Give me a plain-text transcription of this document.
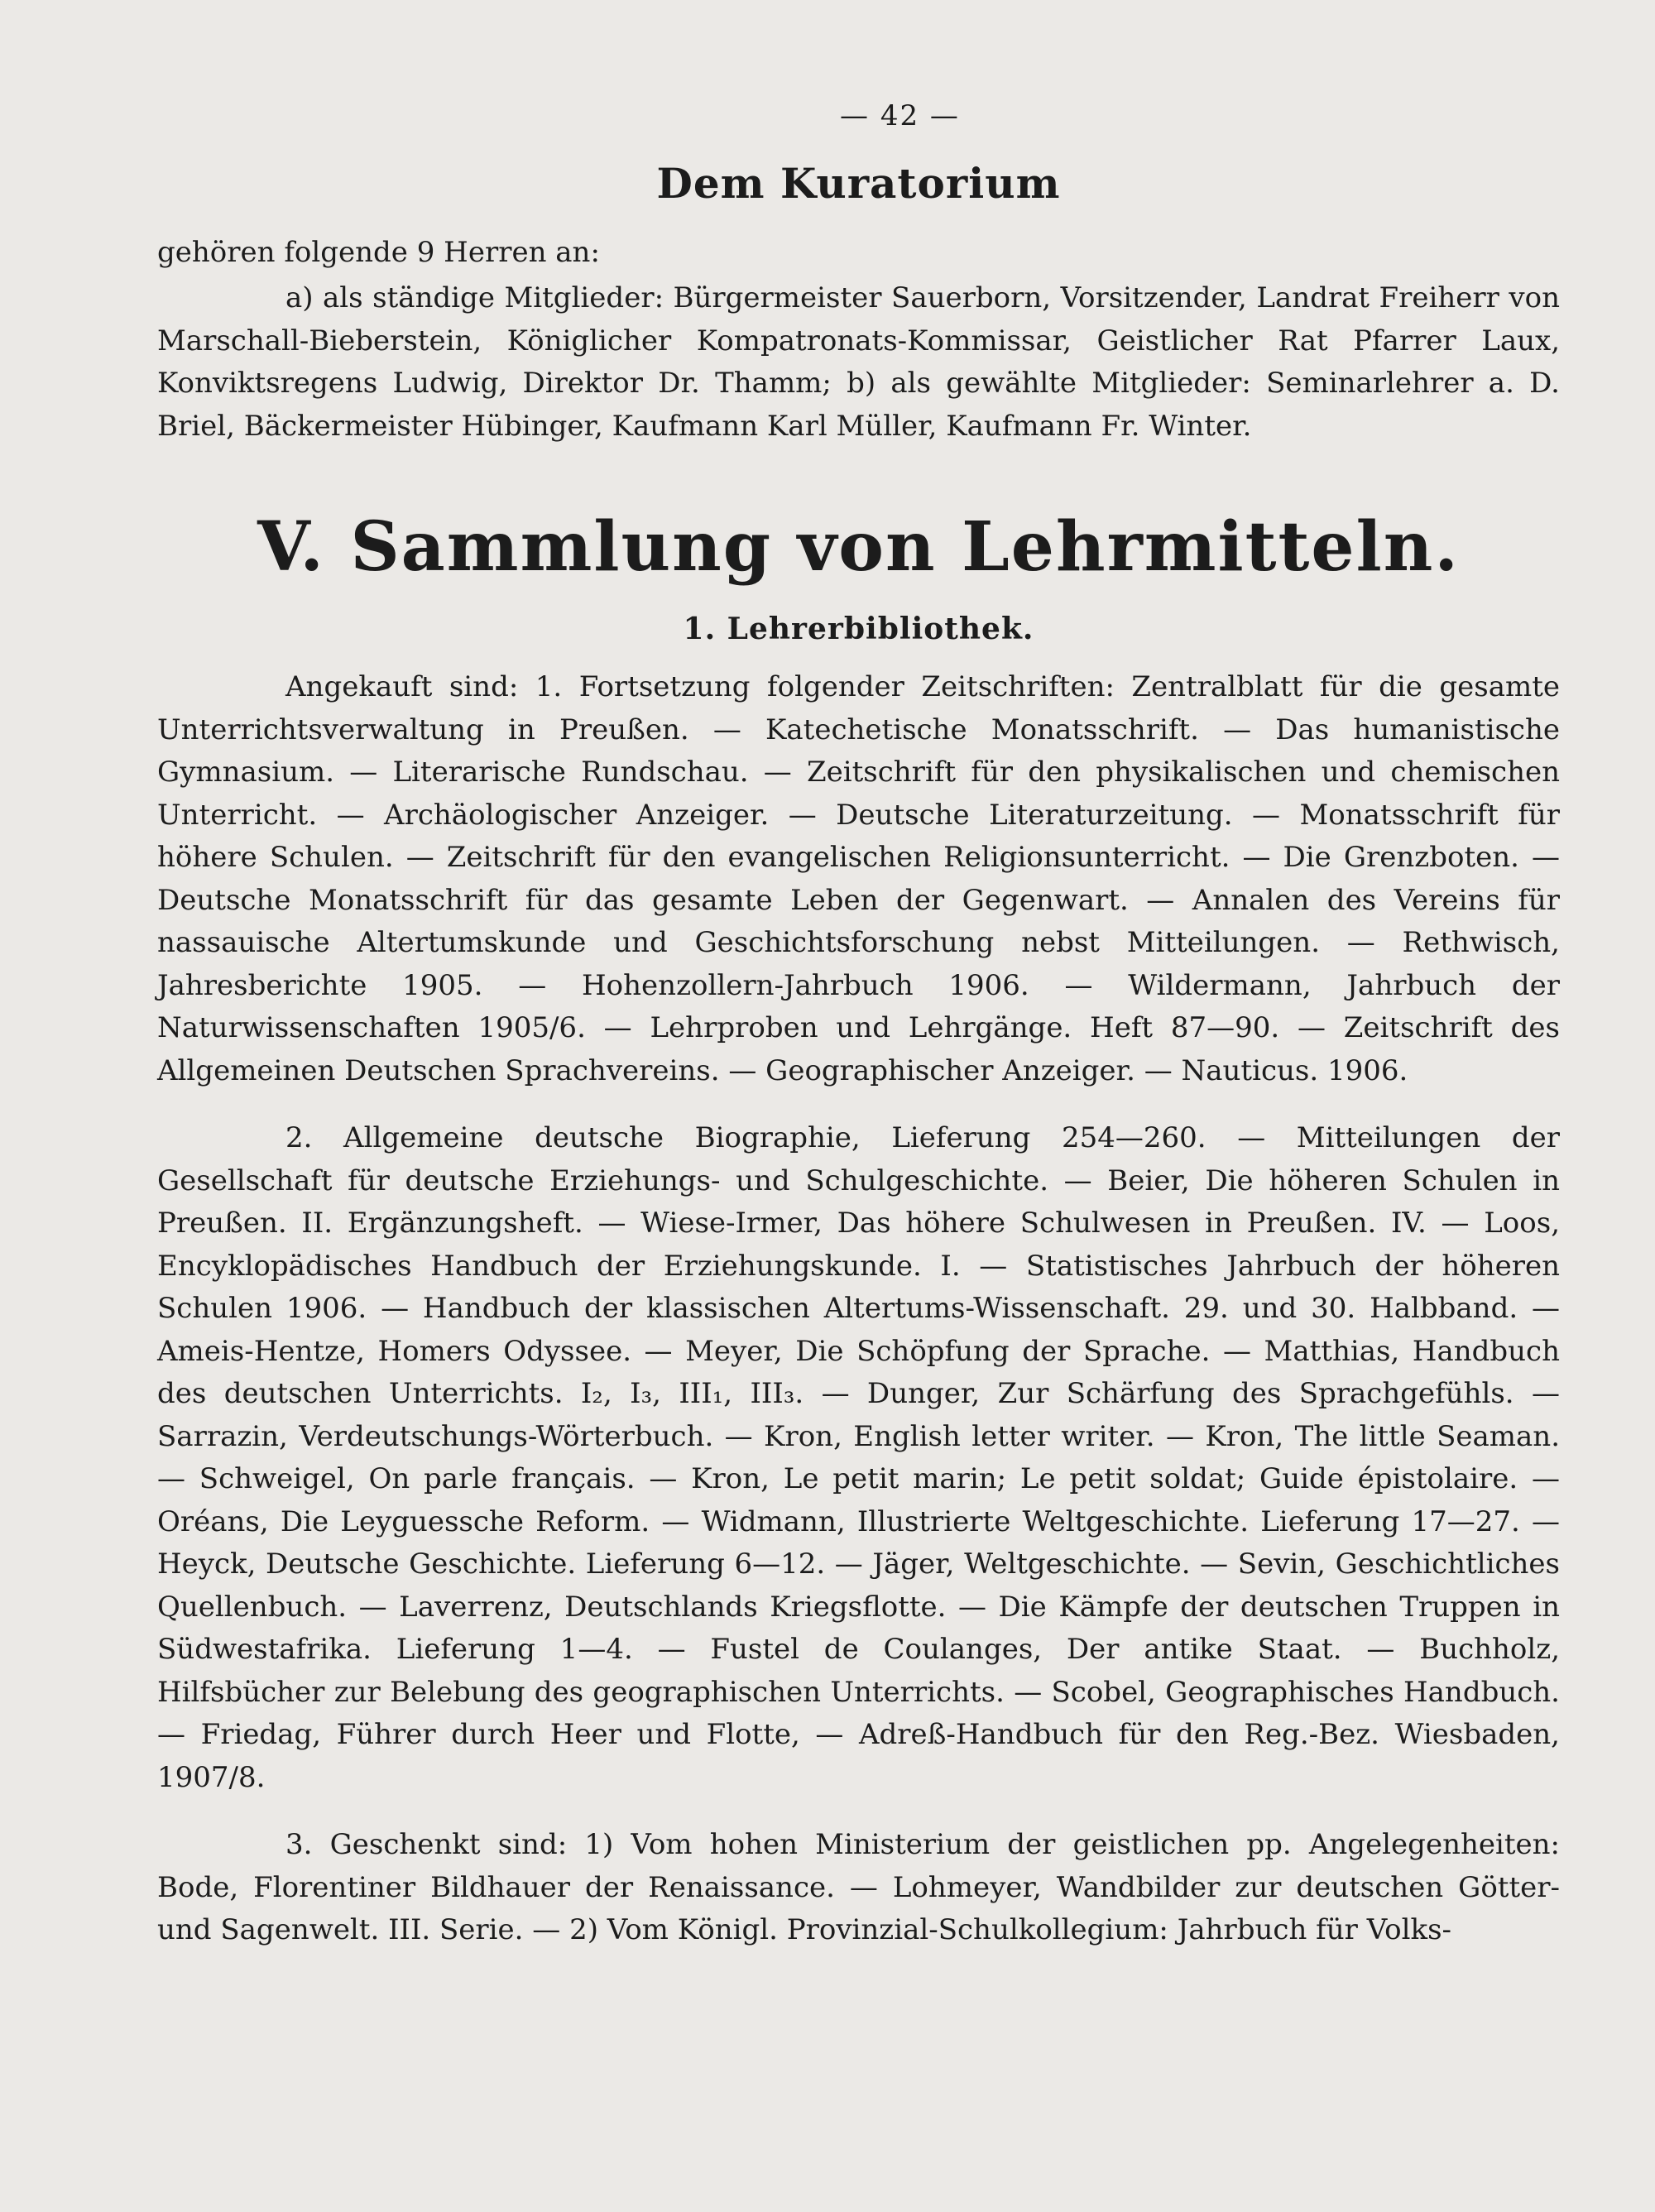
— 42 —
Dem Kuratorium

gehören folgende 9 Herren an:

a) als ständige Mitglieder: Bürgermeister Sauerborn, Vorsitzender, Landrat Freiherr von Marschall-Bieberstein, Königlicher Kompatronats-Kommissar, Geistlicher Rat Pfarrer Laux, Konviktsregens Ludwig, Direktor Dr. Thamm; b) als gewählte Mitglieder: Seminarlehrer a. D. Briel, Bäckermeister Hübinger, Kaufmann Karl Müller, Kaufmann Fr. Winter.

V. Sammlung von Lehrmitteln.
1. Lehrerbibliothek.

Angekauft sind: 1. Fortsetzung folgender Zeitschriften: Zentralblatt für die gesamte Unterrichtsverwaltung in Preußen. — Katechetische Monatsschrift. — Das humanistische Gymnasium. — Literarische Rundschau. — Zeitschrift für den physikalischen und chemischen Unterricht. — Archäologischer Anzeiger. — Deutsche Literaturzeitung. — Monatsschrift für höhere Schulen. — Zeitschrift für den evangelischen Religionsunterricht. — Die Grenzboten. — Deutsche Monatsschrift für das gesamte Leben der Gegenwart. — Annalen des Vereins für nassauische Altertumskunde und Geschichtsforschung nebst Mitteilungen. — Rethwisch, Jahresberichte 1905. — Hohenzollern-Jahrbuch 1906. — Wildermann, Jahrbuch der Naturwissenschaften 1905/6. — Lehrproben und Lehrgänge. Heft 87—90. — Zeitschrift des Allgemeinen Deutschen Sprachvereins. — Geographischer Anzeiger. — Nauticus. 1906.

2. Allgemeine deutsche Biographie, Lieferung 254—260. — Mitteilungen der Gesellschaft für deutsche Erziehungs- und Schulgeschichte. — Beier, Die höheren Schulen in Preußen. II. Ergänzungsheft. — Wiese-Irmer, Das höhere Schulwesen in Preußen. IV. — Loos, Encyklopädisches Handbuch der Erziehungskunde. I. — Statistisches Jahrbuch der höheren Schulen 1906. — Handbuch der klassischen Altertums-Wissenschaft. 29. und 30. Halbband. — Ameis-Hentze, Homers Odyssee. — Meyer, Die Schöpfung der Sprache. — Matthias, Handbuch des deutschen Unterrichts. I₂, I₃, III₁, III₃. — Dunger, Zur Schärfung des Sprachgefühls. — Sarrazin, Verdeutschungs-Wörterbuch. — Kron, English letter writer. — Kron, The little Seaman. — Schweigel, On parle français. — Kron, Le petit marin; Le petit soldat; Guide épistolaire. — Oréans, Die Leyguessche Reform. — Widmann, Illustrierte Weltgeschichte. Lieferung 17—27. — Heyck, Deutsche Geschichte. Lieferung 6—12. — Jäger, Weltgeschichte. — Sevin, Geschichtliches Quellenbuch. — Laverrenz, Deutschlands Kriegsflotte. — Die Kämpfe der deutschen Truppen in Südwestafrika. Lieferung 1—4. — Fustel de Coulanges, Der antike Staat. — Buchholz, Hilfsbücher zur Belebung des geographischen Unterrichts. — Scobel, Geographisches Handbuch. — Friedag, Führer durch Heer und Flotte, — Adreß-Handbuch für den Reg.-Bez. Wiesbaden, 1907/8.

3. Geschenkt sind: 1) Vom hohen Ministerium der geistlichen pp. Angelegenheiten: Bode, Florentiner Bildhauer der Renaissance. — Lohmeyer, Wandbilder zur deutschen Götter- und Sagenwelt. III. Serie. — 2) Vom Königl. Provinzial-Schulkollegium: Jahrbuch für Volks-
